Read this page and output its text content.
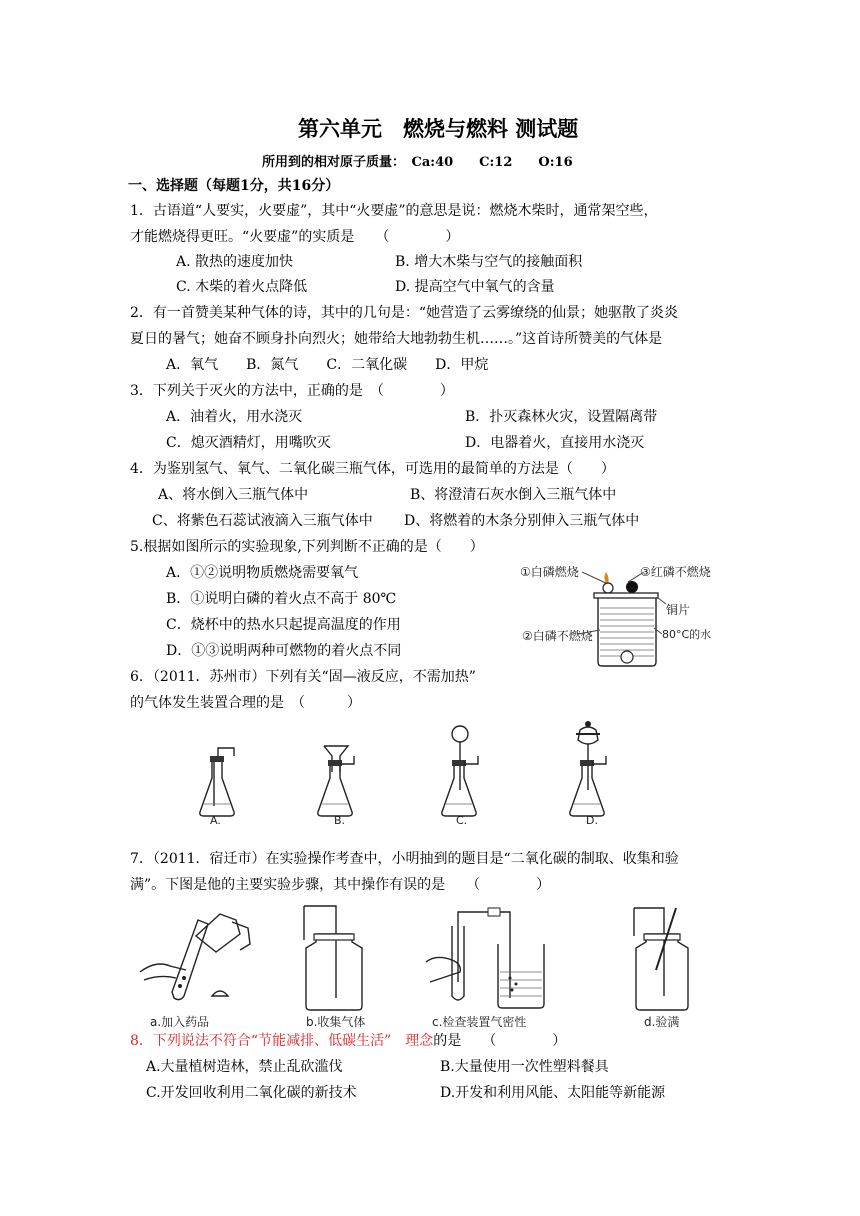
第六单元　燃烧与燃料 测试题
所用到的相对原子质量：　Ca:40　　C:12　　O:16
一、选择题（每题1分，共16分）
1．古语道“人要实，火要虚”，其中“火要虚”的意思是说：燃烧木柴时，通常架空些，
才能燃烧得更旺。“火要虚”的实质是　　（　　　　）
A. 散热的速度加快	B. 增大木柴与空气的接触面积
C. 木柴的着火点降低	D. 提高空气中氧气的含量
2．有一首赞美某种气体的诗，其中的几句是：“她营造了云雾缭绕的仙景；她驱散了炎炎
夏日的暑气；她奋不顾身扑向烈火；她带给大地勃勃生机……。”这首诗所赞美的气体是
A．氧气　　B．氮气　　C．二氧化碳　　D．甲烷
3．下列关于灭火的方法中，正确的是　（　　　　）
A．油着火，用水浇灭	B．扑灭森林火灾，设置隔离带
C．熄灭酒精灯，用嘴吹灭	D．电器着火，直接用水浇灭
4．为鉴别氢气、氧气、二氧化碳三瓶气体，可选用的最简单的方法是（　　）
A、将水倒入三瓶气体中	B、将澄清石灰水倒入三瓶气体中
C、将紫色石蕊试液滴入三瓶气体中 D、将燃着的木条分别伸入三瓶气体中
5.根据如图所示的实验现象,下列判断不正确的是（　　）
A．①②说明物质燃烧需要氧气
B．①说明白磷的着火点不高于 80℃
C．烧杯中的热水只起提高温度的作用
D．①③说明两种可燃物的着火点不同
①白磷燃烧	③红磷不燃烧
铜片
②白磷不燃烧	80°C的水
6．（2011．苏州市）下列有关“固—液反应，不需加热”
的气体发生装置合理的是　（　　　）
A.	B.	C.	D.
7．（2011．宿迁市）在实验操作考查中，小明抽到的题目是“二氧化碳的制取、收集和验
满”。下图是他的主要实验步骤，其中操作有误的是　　（　　　　）
a.加入药品	b.收集气体	c.检查装置气密性	d.验满
8．下列说法不符合“节能减排、低碳生活”　理念的是　　（　　　　）
A.大量植树造林，禁止乱砍滥伐	B.大量使用一次性塑料餐具
C.开发回收利用二氧化碳的新技术	D.开发和利用风能、太阳能等新能源
